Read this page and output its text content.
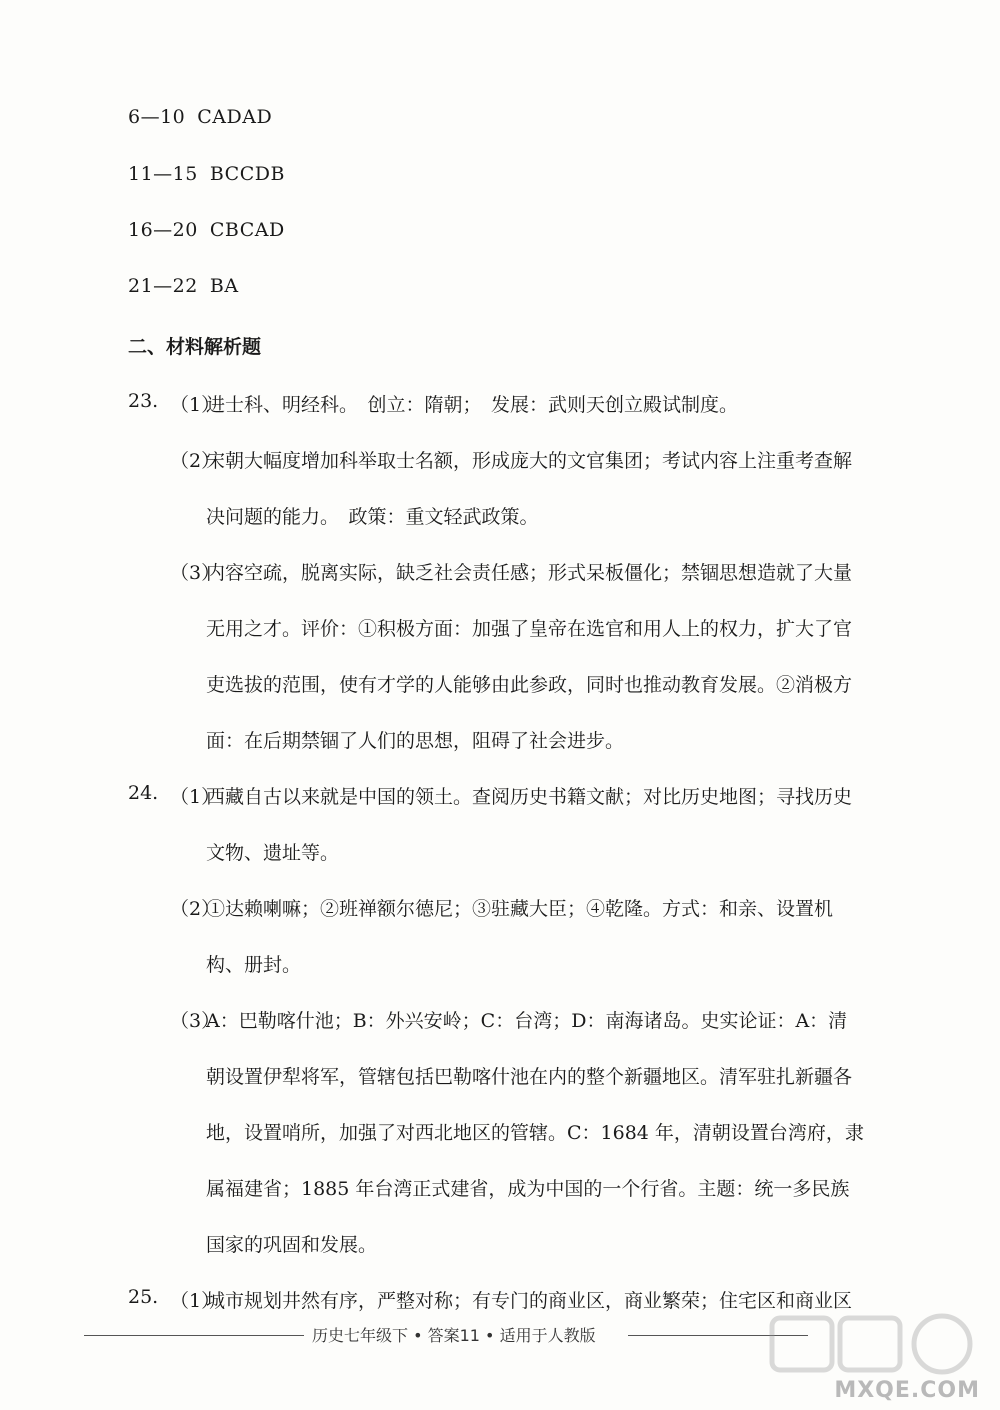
6—10 CADAD
11—15 BCCDB
16—20 CBCAD
21—22 BA
二、材料解析题
23. （1）
进士科、明经科。　创立：隋朝；　发展：武则天创立殿试制度。
（2）
宋朝大幅度增加科举取士名额，形成庞大的文官集团；考试内容上注重考查解
决问题的能力。　政策：重文轻武政策。
（3）
内容空疏，脱离实际，缺乏社会责任感；形式呆板僵化；禁锢思想造就了大量
无用之才。评价：①积极方面：加强了皇帝在选官和用人上的权力，扩大了官
吏选拔的范围，使有才学的人能够由此参政，同时也推动教育发展。②消极方
面：在后期禁锢了人们的思想，阻碍了社会进步。
24. （1）
西藏自古以来就是中国的领土。查阅历史书籍文献；对比历史地图；寻找历史
文物、遗址等。
（2）
①达赖喇嘛；②班禅额尔德尼；③驻藏大臣；④乾隆。方式：和亲、设置机
构、册封。
（3）
A：巴勒喀什池；B：外兴安岭；C：台湾；D：南海诸岛。史实论证：A：清
朝设置伊犁将军，管辖包括巴勒喀什池在内的整个新疆地区。清军驻扎新疆各
地，设置哨所，加强了对西北地区的管辖。C：1684 年，清朝设置台湾府，隶
属福建省；1885 年台湾正式建省，成为中国的一个行省。主题：统一多民族
国家的巩固和发展。
25. （1）
城市规划井然有序，严整对称；有专门的商业区，商业繁荣；住宅区和商业区
历史七年级下 • 答案11 • 适用于人教版
MXQE.COM
